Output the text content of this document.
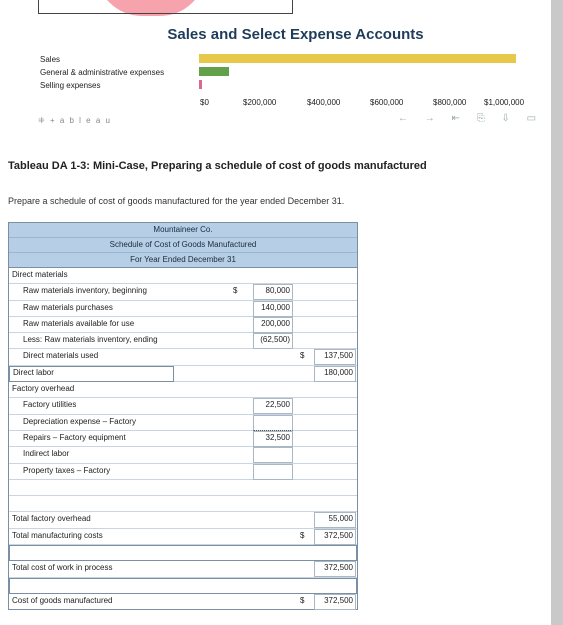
Sales and Select Expense Accounts
Sales
General & administrative expenses
Selling expenses
$0	$200,000	$400,000	$600,000	$800,000 $1,000,000
⁜ + a b l e a u	← → ⇤ ⎘ ⇩ ▭
Tableau DA 1-3: Mini-Case, Preparing a schedule of cost of goods manufactured
Prepare a schedule of cost of goods manufactured for the year ended December 31.
Mountaineer Co.
Schedule of Cost of Goods Manufactured
For Year Ended December 31
Direct materials
Raw materials inventory, beginning	$	80,000
Raw materials purchases	140,000
Raw materials available for use	200,000
Less: Raw materials inventory, ending	(62,500)
Direct materials used	$	137,500
Direct labor	180,000
Factory overhead
Factory utilities	22,500
Depreciation expense – Factory
Repairs – Factory equipment	32,500
Indirect labor
Property taxes – Factory
Total factory overhead	55,000
Total manufacturing costs	$	372,500
Total cost of work in process	372,500
Cost of goods manufactured	$	372,500
